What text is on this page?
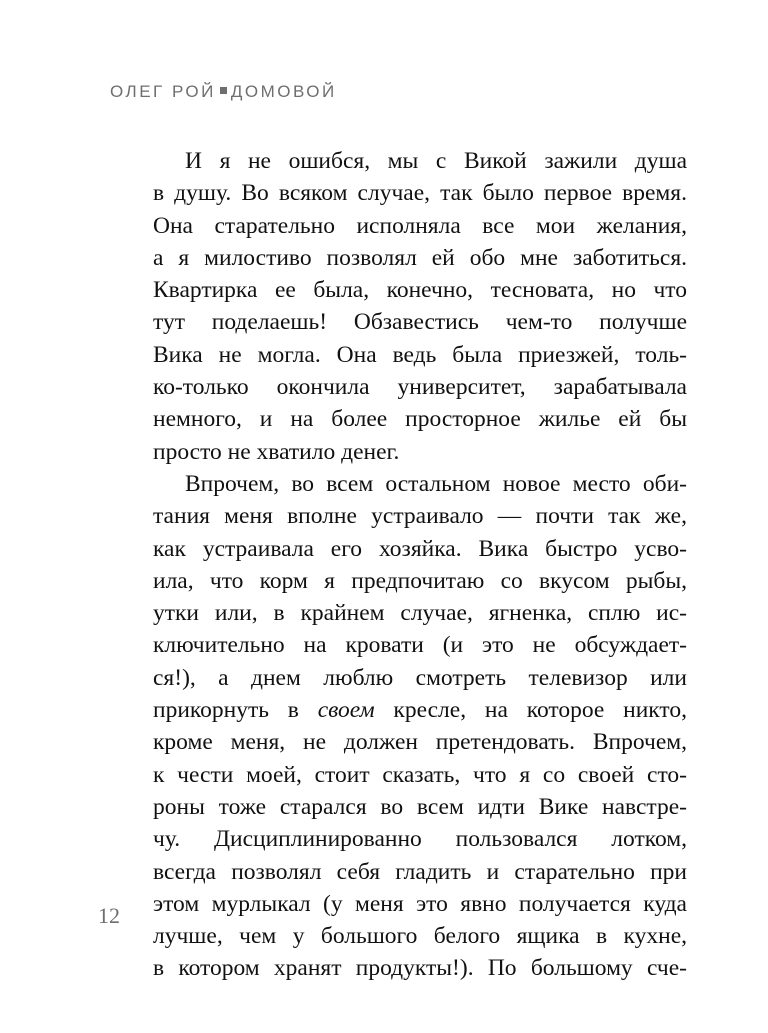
ОЛЕГ РОЙ ДОМОВОЙ
И я не ошибся, мы с Викой зажили душа
в душу. Во всяком случае, так было первое время.
Она старательно исполняла все мои желания,
а я милостиво позволял ей обо мне заботиться.
Квартирка ее была, конечно, тесновата, но что
тут поделаешь! Обзавестись чем-то получше
Вика не могла. Она ведь была приезжей, толь-
ко-только окончила университет, зарабатывала
немного, и на более просторное жилье ей бы
просто не хватило денег.
Впрочем, во всем остальном новое место оби-
тания меня вполне устраивало — почти так же,
как устраивала его хозяйка. Вика быстро усво-
ила, что корм я предпочитаю со вкусом рыбы,
утки или, в крайнем случае, ягненка, сплю ис-
ключительно на кровати (и это не обсуждает-
ся!), а днем люблю смотреть телевизор или
прикорнуть в своем кресле, на которое никто,
кроме меня, не должен претендовать. Впрочем,
к чести моей, стоит сказать, что я со своей сто-
роны тоже старался во всем идти Вике навстре-
чу. Дисциплинированно пользовался лотком,
всегда позволял себя гладить и старательно при
этом мурлыкал (у меня это явно получается куда
лучше, чем у большого белого ящика в кухне,
в котором хранят продукты!). По большому сче-
12
